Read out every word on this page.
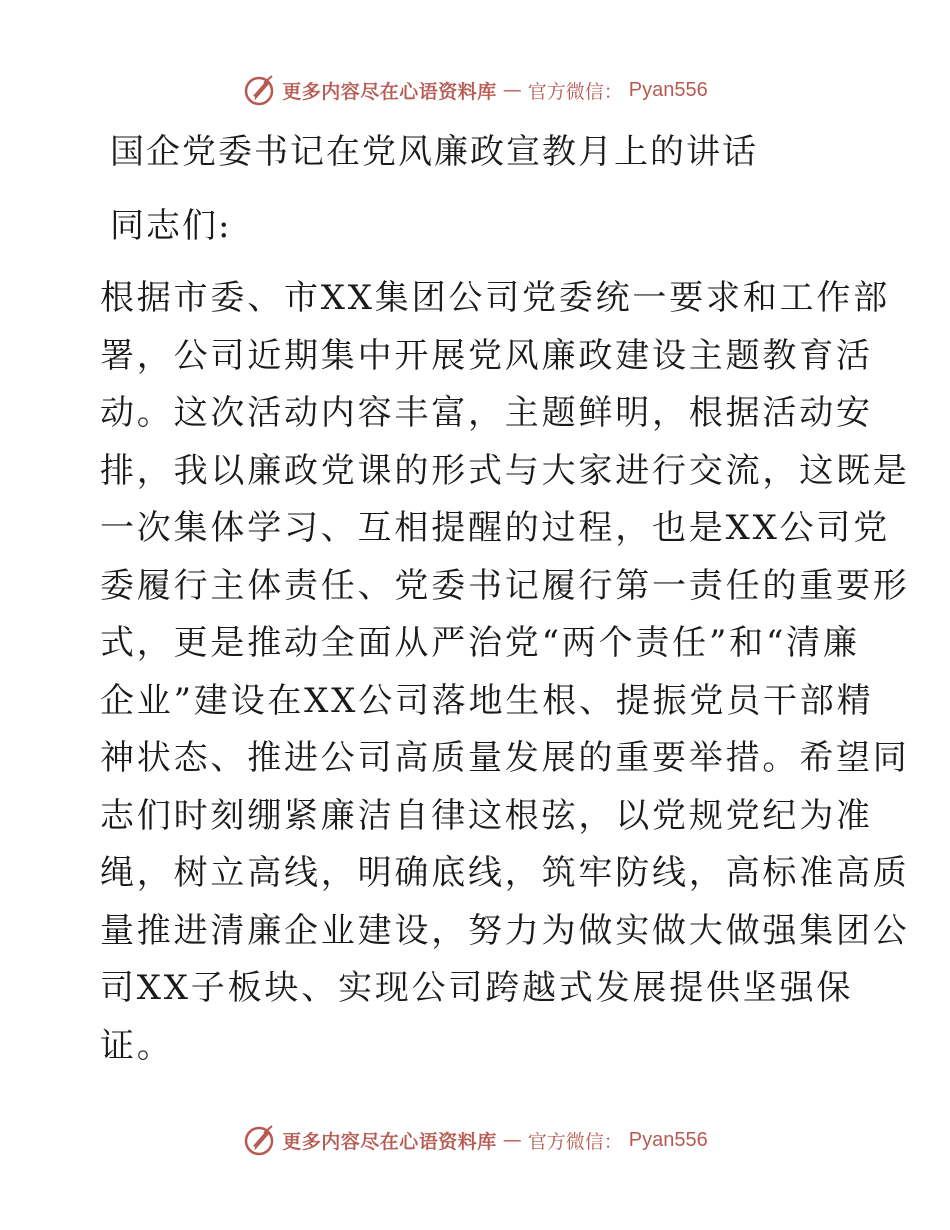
更多内容尽在心语资料库 — 官方微信： Pyan556
国企党委书记在党风廉政宣教月上的讲话
同志们:
根据市委、市XX集团公司党委统一要求和工作部
署，公司近期集中开展党风廉政建设主题教育活
动。这次活动内容丰富，主题鲜明，根据活动安
排，我以廉政党课的形式与大家进行交流，这既是
一次集体学习、互相提醒的过程，也是XX公司党
委履行主体责任、党委书记履行第一责任的重要形
式，更是推动全面从严治党“两个责任”和“清廉
企业”建设在XX公司落地生根、提振党员干部精
神状态、推进公司高质量发展的重要举措。希望同
志们时刻绷紧廉洁自律这根弦，以党规党纪为准
绳，树立高线，明确底线，筑牢防线，高标准高质
量推进清廉企业建设，努力为做实做大做强集团公
司XX子板块、实现公司跨越式发展提供坚强保
证。
更多内容尽在心语资料库 — 官方微信： Pyan556
